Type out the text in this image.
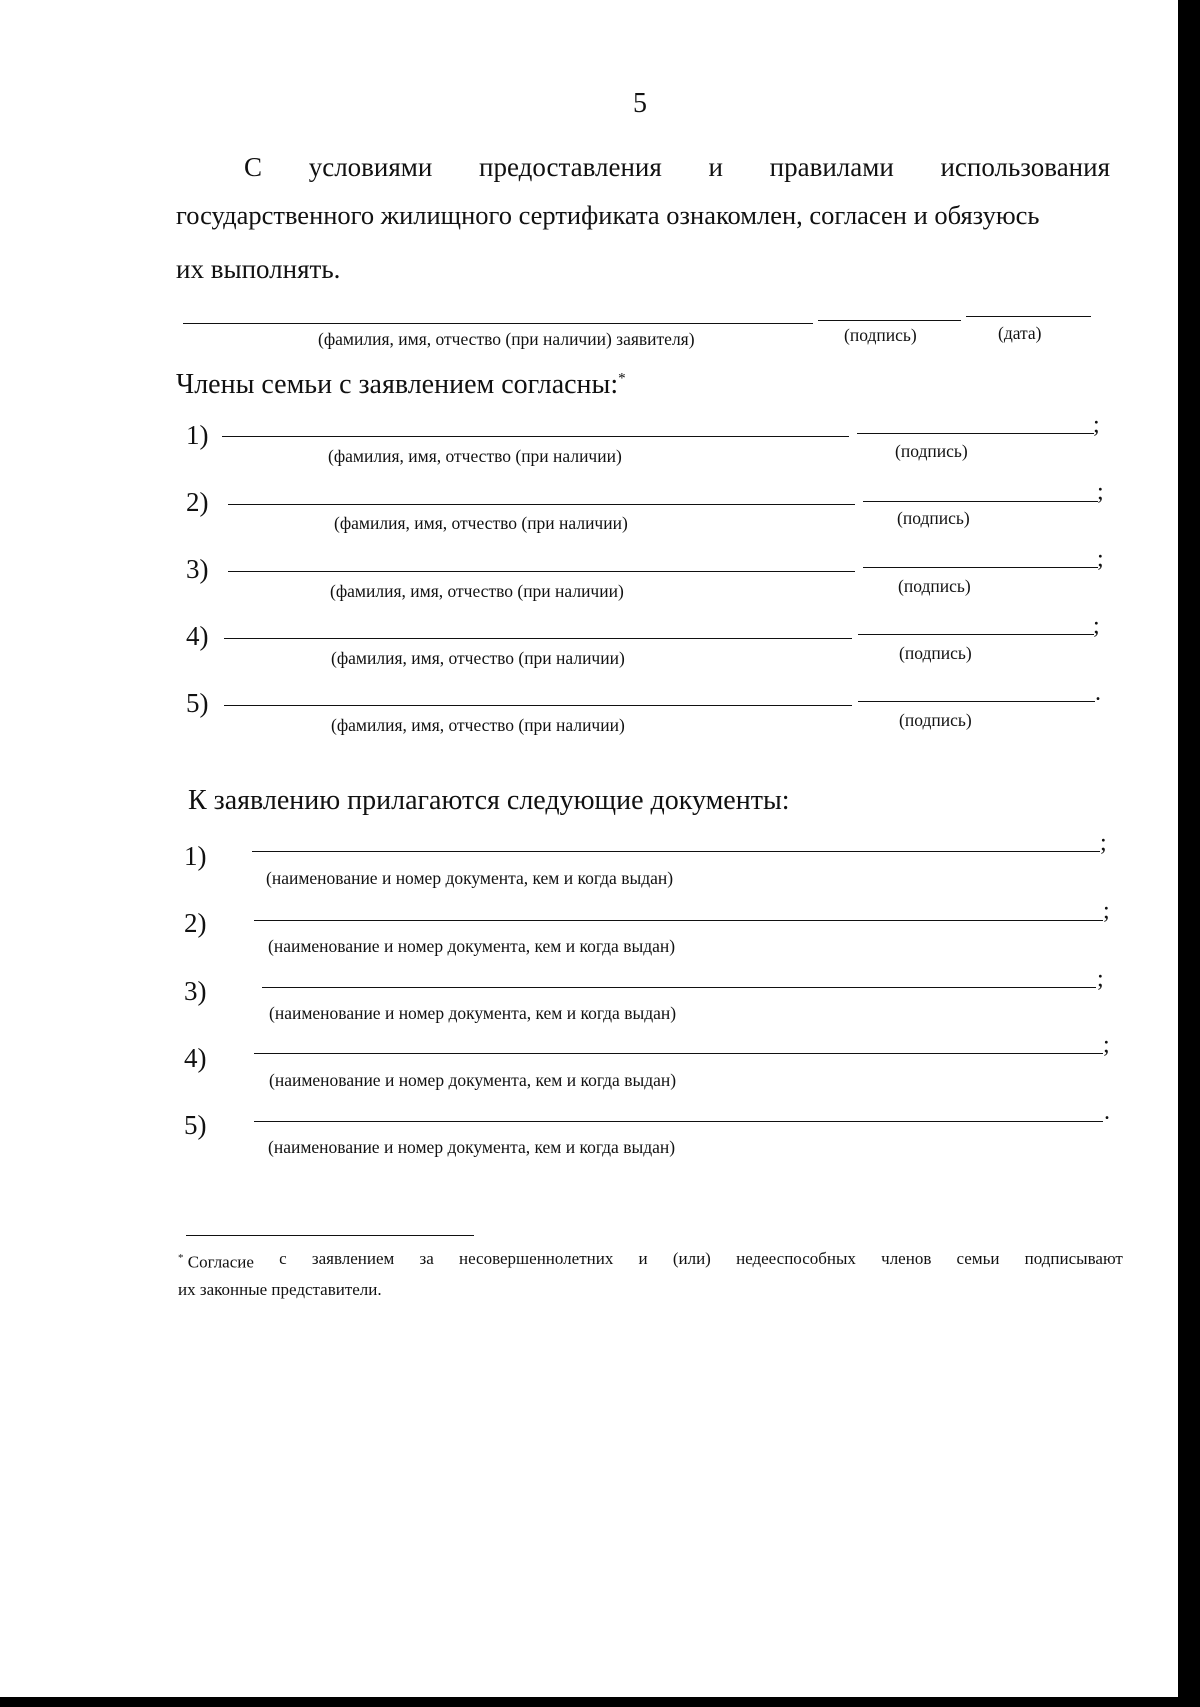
5
С условиями предоставления и правилами использования
государственного жилищного сертификата ознакомлен, согласен и обязуюсь
их выполнять.
(фамилия, имя, отчество (при наличии) заявителя)	(подпись)	(дата)
Члены семьи с заявлением согласны:*
1)	;
(фамилия, имя, отчество (при наличии)	(подпись)
2)	;
(фамилия, имя, отчество (при наличии)	(подпись)
3)	;
(фамилия, имя, отчество (при наличии)	(подпись)
4)	;
(фамилия, имя, отчество (при наличии)	(подпись)
5)	.
(фамилия, имя, отчество (при наличии)	(подпись)
К заявлению прилагаются следующие документы:
1)	;
(наименование и номер документа, кем и когда выдан)
2)	;
(наименование и номер документа, кем и когда выдан)
3)	;
(наименование и номер документа, кем и когда выдан)
4)	;
(наименование и номер документа, кем и когда выдан)
5)	.
(наименование и номер документа, кем и когда выдан)
* Согласие с заявлением за несовершеннолетних и (или) недееспособных членов семьи подписывают
их законные представители.
